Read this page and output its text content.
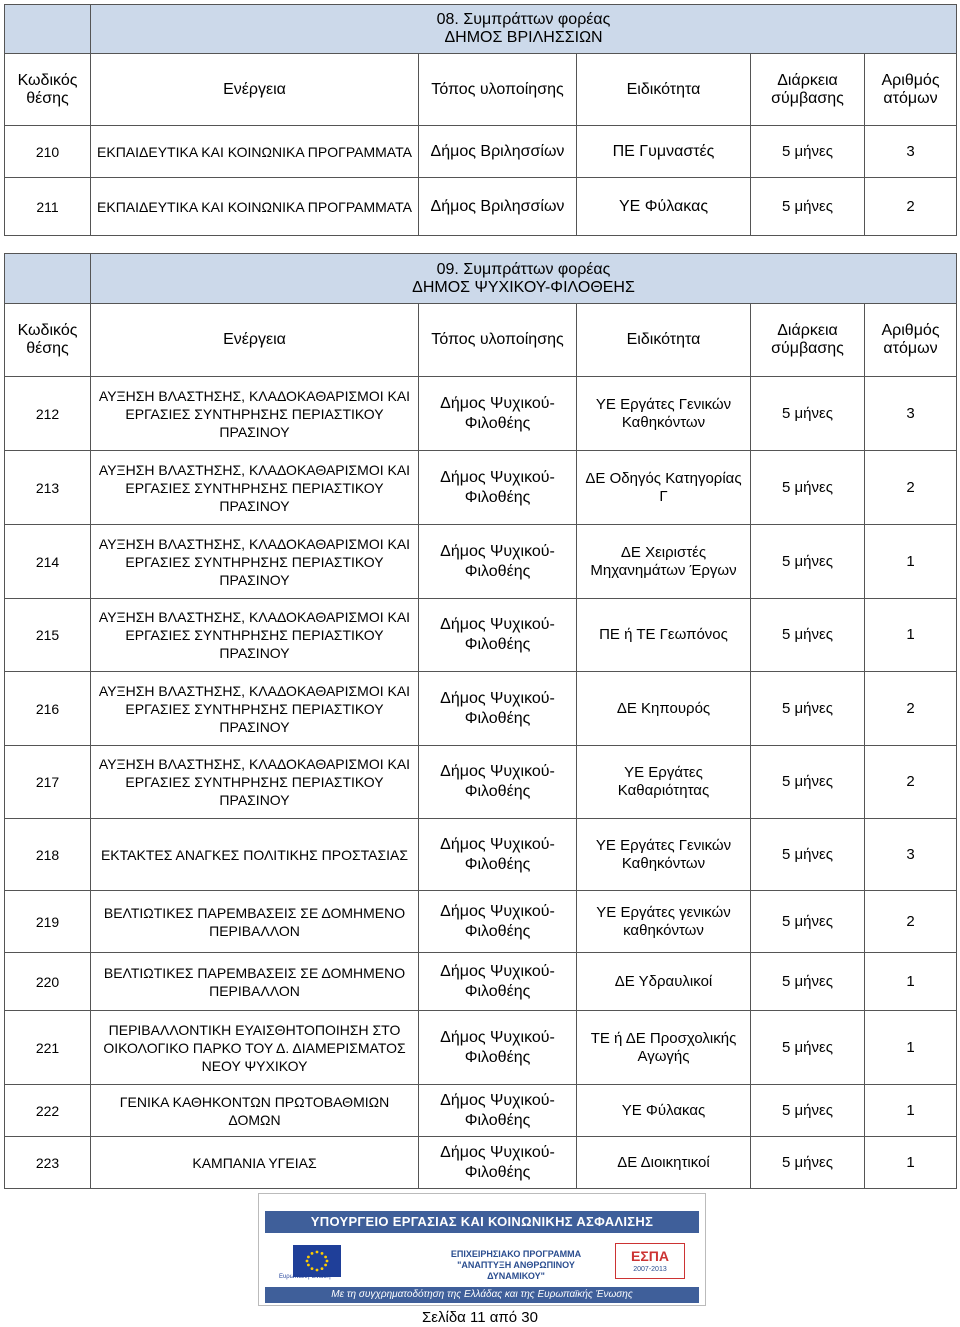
	08. Συμπράττων φορέας
ΔΗΜΟΣ ΒΡΙΛΗΣΣΙΩΝ				

Κωδικός θέσης	Ενέργεια	Τόπος υλοποίησης	Ειδικότητα	Διάρκεια σύμβασης	Αριθμός ατόμων
210	ΕΚΠΑΙΔΕΥΤΙΚΑ ΚΑΙ ΚΟΙΝΩΝΙΚΑ ΠΡΟΓΡΑΜΜΑΤΑ	Δήμος Βριλησσίων	ΠΕ Γυμναστές	5 μήνες	3
211	ΕΚΠΑΙΔΕΥΤΙΚΑ ΚΑΙ ΚΟΙΝΩΝΙΚΑ ΠΡΟΓΡΑΜΜΑΤΑ	Δήμος Βριλησσίων	ΥΕ Φύλακας	5 μήνες	2

	09. Συμπράττων φορέας
ΔΗΜΟΣ ΨΥΧΙΚΟΥ-ΦΙΛΟΘΕΗΣ				

Κωδικός θέσης	Ενέργεια	Τόπος υλοποίησης	Ειδικότητα	Διάρκεια σύμβασης	Αριθμός ατόμων
212	ΑΥΞΗΣΗ ΒΛΑΣΤΗΣΗΣ, ΚΛΑΔΟΚΑΘΑΡΙΣΜΟΙ ΚΑΙ ΕΡΓΑΣΙΕΣ ΣΥΝΤΗΡΗΣΗΣ ΠΕΡΙΑΣΤΙΚΟΥ ΠΡΑΣΙΝΟΥ	Δήμος Ψυχικού-Φιλοθέης	ΥΕ Εργάτες Γενικών Καθηκόντων	5 μήνες	3
213	ΑΥΞΗΣΗ ΒΛΑΣΤΗΣΗΣ, ΚΛΑΔΟΚΑΘΑΡΙΣΜΟΙ ΚΑΙ ΕΡΓΑΣΙΕΣ ΣΥΝΤΗΡΗΣΗΣ ΠΕΡΙΑΣΤΙΚΟΥ ΠΡΑΣΙΝΟΥ	Δήμος Ψυχικού-Φιλοθέης	ΔΕ Οδηγός Κατηγορίας Γ	5 μήνες	2
214	ΑΥΞΗΣΗ ΒΛΑΣΤΗΣΗΣ, ΚΛΑΔΟΚΑΘΑΡΙΣΜΟΙ ΚΑΙ ΕΡΓΑΣΙΕΣ ΣΥΝΤΗΡΗΣΗΣ ΠΕΡΙΑΣΤΙΚΟΥ ΠΡΑΣΙΝΟΥ	Δήμος Ψυχικού-Φιλοθέης	ΔΕ Χειριστές Μηχανημάτων Έργων	5 μήνες	1
215	ΑΥΞΗΣΗ ΒΛΑΣΤΗΣΗΣ, ΚΛΑΔΟΚΑΘΑΡΙΣΜΟΙ ΚΑΙ ΕΡΓΑΣΙΕΣ ΣΥΝΤΗΡΗΣΗΣ ΠΕΡΙΑΣΤΙΚΟΥ ΠΡΑΣΙΝΟΥ	Δήμος Ψυχικού-Φιλοθέης	ΠΕ ή ΤΕ Γεωπόνος	5 μήνες	1
216	ΑΥΞΗΣΗ ΒΛΑΣΤΗΣΗΣ, ΚΛΑΔΟΚΑΘΑΡΙΣΜΟΙ ΚΑΙ ΕΡΓΑΣΙΕΣ ΣΥΝΤΗΡΗΣΗΣ ΠΕΡΙΑΣΤΙΚΟΥ ΠΡΑΣΙΝΟΥ	Δήμος Ψυχικού-Φιλοθέης	ΔΕ Κηπουρός	5 μήνες	2
217	ΑΥΞΗΣΗ ΒΛΑΣΤΗΣΗΣ, ΚΛΑΔΟΚΑΘΑΡΙΣΜΟΙ ΚΑΙ ΕΡΓΑΣΙΕΣ ΣΥΝΤΗΡΗΣΗΣ ΠΕΡΙΑΣΤΙΚΟΥ ΠΡΑΣΙΝΟΥ	Δήμος Ψυχικού-Φιλοθέης	ΥΕ Εργάτες Καθαριότητας	5 μήνες	2
218	ΕΚΤΑΚΤΕΣ ΑΝΑΓΚΕΣ ΠΟΛΙΤΙΚΗΣ ΠΡΟΣΤΑΣΙΑΣ	Δήμος Ψυχικού-Φιλοθέης	ΥΕ Εργάτες Γενικών Καθηκόντων	5 μήνες	3
219	ΒΕΛΤΙΩΤΙΚΕΣ ΠΑΡΕΜΒΑΣΕΙΣ ΣΕ ΔΟΜΗΜΕΝΟ ΠΕΡΙΒΑΛΛΟΝ	Δήμος Ψυχικού-Φιλοθέης	ΥΕ Εργάτες γενικών καθηκόντων	5 μήνες	2
220	ΒΕΛΤΙΩΤΙΚΕΣ ΠΑΡΕΜΒΑΣΕΙΣ ΣΕ ΔΟΜΗΜΕΝΟ ΠΕΡΙΒΑΛΛΟΝ	Δήμος Ψυχικού-Φιλοθέης	ΔΕ Υδραυλικοί	5 μήνες	1
221	ΠΕΡΙΒΑΛΛΟΝΤΙΚΗ ΕΥΑΙΣΘΗΤΟΠΟΙΗΣΗ ΣΤΟ ΟΙΚΟΛΟΓΙΚΟ ΠΑΡΚΟ ΤΟΥ Δ. ΔΙΑΜΕΡΙΣΜΑΤΟΣ ΝΕΟΥ ΨΥΧΙΚΟΥ	Δήμος Ψυχικού-Φιλοθέης	ΤΕ ή ΔΕ Προσχολικής Αγωγής	5 μήνες	1
222	ΓΕΝΙΚΑ ΚΑΘΗΚΟΝΤΩΝ ΠΡΩΤΟΒΑΘΜΙΩΝ ΔΟΜΩΝ	Δήμος Ψυχικού-Φιλοθέης	ΥΕ Φύλακας	5 μήνες	1
223	ΚΑΜΠΑΝΙΑ ΥΓΕΙΑΣ	Δήμος Ψυχικού-Φιλοθέης	ΔΕ Διοικητικοί	5 μήνες	1
ΥΠΟΥΡΓΕΙΟ ΕΡΓΑΣΙΑΣ ΚΑΙ ΚΟΙΝΩΝΙΚΗΣ ΑΣΦΑΛΙΣΗΣ
Ευρωπαϊκή Ένωση
ΕΠΙΧΕΙΡΗΣΙΑΚΟ ΠΡΟΓΡΑΜΜΑ "ΑΝΑΠΤΥΞΗ ΑΝΘΡΩΠΙΝΟΥ ΔΥΝΑΜΙΚΟΥ"
ΕΣΠΑ
2007-2013
Με τη συγχρηματοδότηση της Ελλάδας και της Ευρωπαϊκής Ένωσης
Σελίδα 11 από 30
